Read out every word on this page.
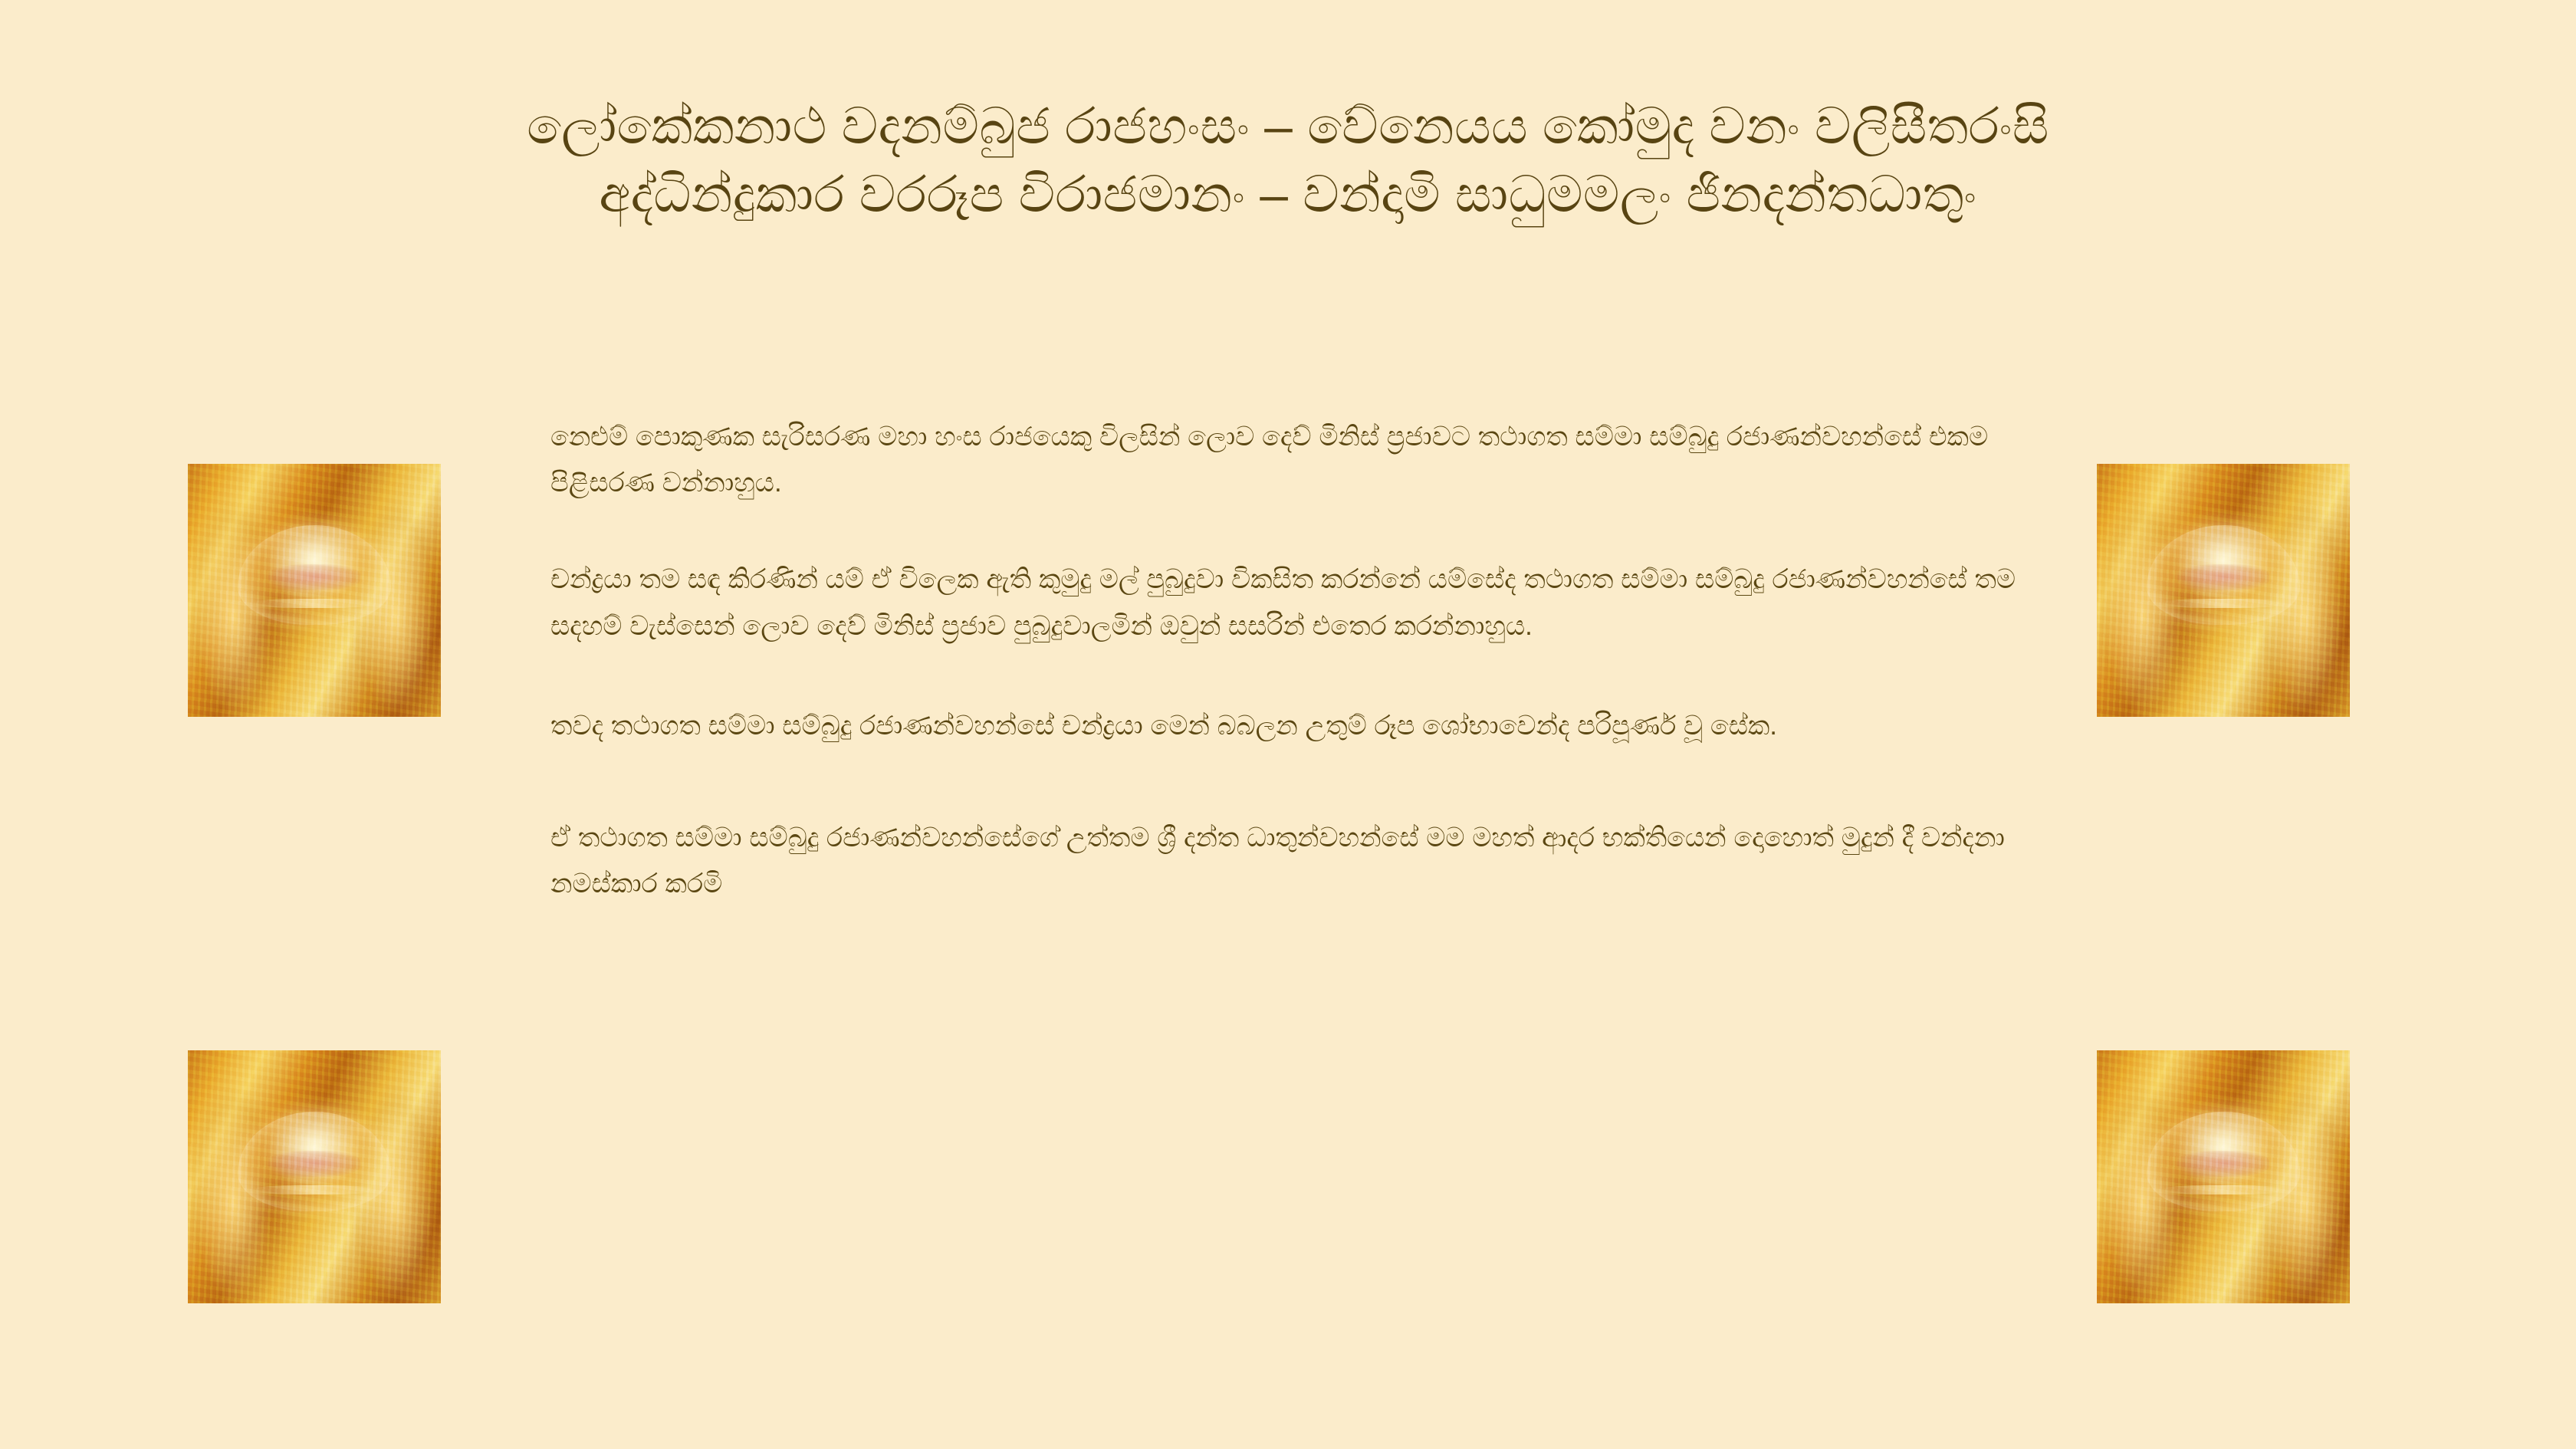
ලෝකේකනාථ වදනම්බුජ රාජහංසං – වේනෙයය කෝමුද වනං වලිසීතරංසි
අද්ධින්දුකාර වරරූප විරාජමානං – වන්දාමි සාධුමමලං ජිනදන්තධාතුං

නෙළුම් පොකුණක සැරිසරණ මහා හංස රාජයෙකු විලසින් ලොව දෙව් මිනිස් ප්‍රජාවට තථාගත සම්මා සම්බුදු රජාණන්වහන්සේ එකම පිළිසරණ වන්නාහුය.

චන්ද්‍රයා තම සඳ කිරණින් යම් ඒ විලෙක ඇති කුමුදු මල් පුබුදුවා විකසිත කරන්නේ යම්සේද තථාගත සම්මා සම්බුදු රජාණන්වහන්සේ තම සදහම් වැස්සෙන් ලොව දෙව් මිනිස් ප්‍රජාව පුබුදුවාලමින් ඔවුන් සසරින් එතෙර කරන්නාහුය.

තවද තථාගත සම්මා සම්බුදු රජාණන්වහන්සේ චන්ද්‍රයා මෙන් බබලන උතුම් රූප ශෝභාවෙන්ද පරිපූර්ණ වූ සේක.

ඒ තථාගත සම්මා සම්බුදු රජාණන්වහන්සේගේ උත්තම ශ්‍රී දන්ත ධාතුන්වහන්සේ මම මහත් ආදර භක්තියෙන් දොහොත් මුදුන් දී වන්දනා නමස්කාර කරමි
